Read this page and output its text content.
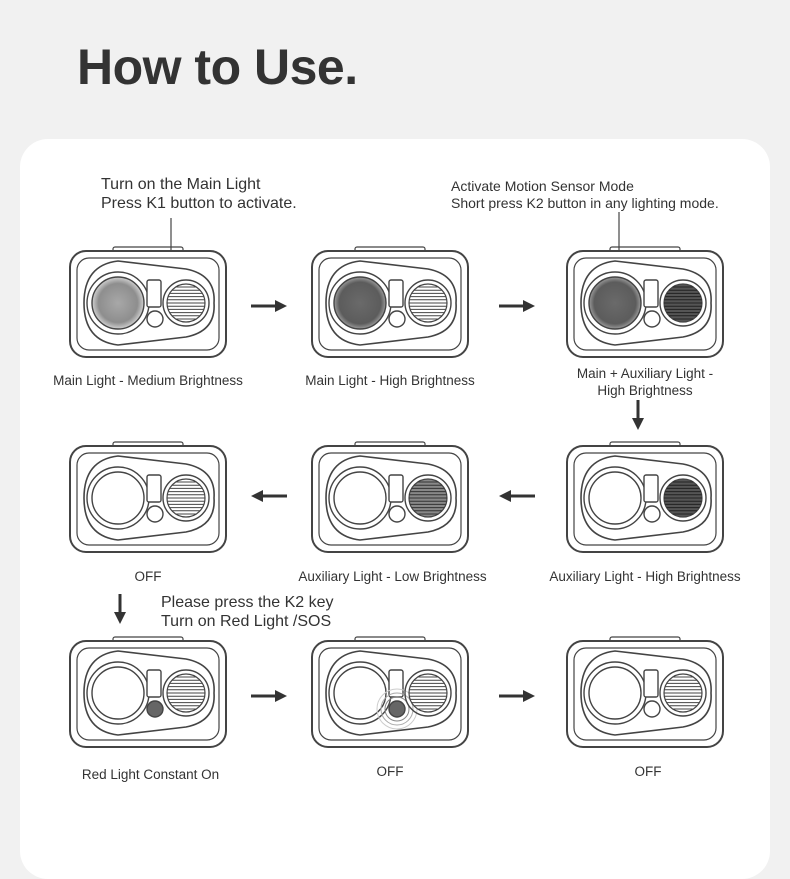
How to Use.
Turn on the Main Light
Press K1 button to activate.
Activate Motion Sensor Mode
Short press K2 button in any lighting mode.
Please press the K2 key
Turn on Red Light /SOS
Main Light - Medium Brightness	Main Light - High Brightness	Main + Auxiliary Light -
High Brightness
OFF	Auxiliary Light - Low Brightness	Auxiliary Light - High Brightness
Red Light Constant On	OFF	OFF
